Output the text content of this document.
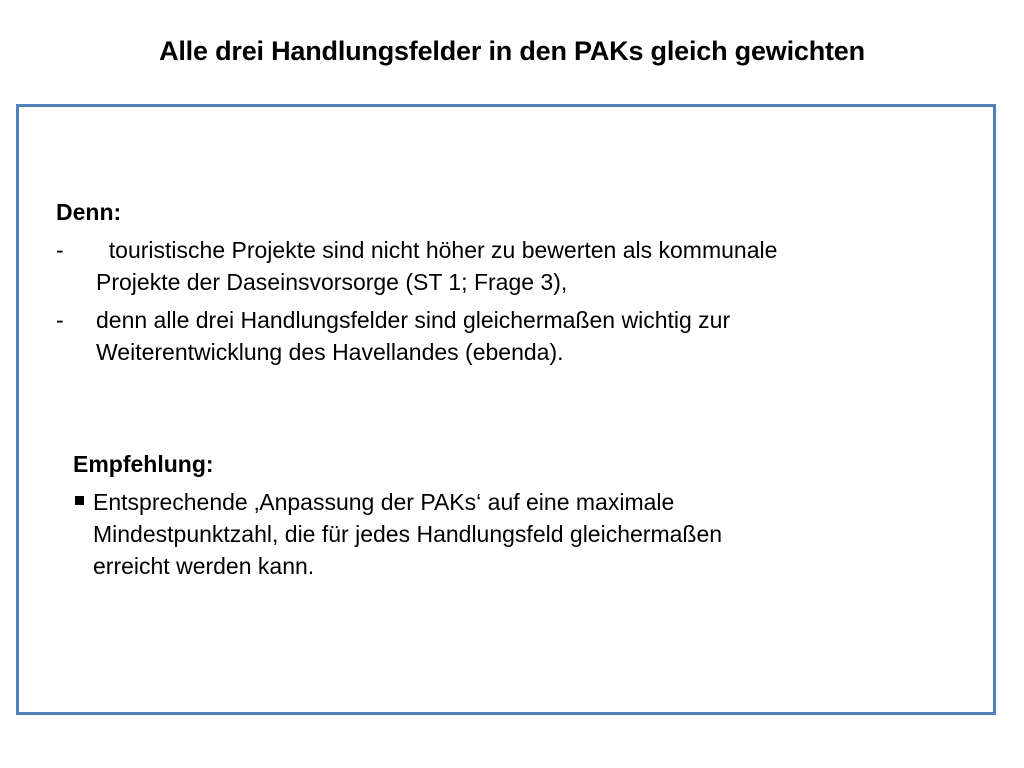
Alle drei Handlungsfelder in den PAKs gleich gewichten
Denn:
- touristische Projekte sind nicht höher zu bewerten als kommunale
Projekte der Daseinsvorsorge (ST 1; Frage 3),
- denn alle drei Handlungsfelder sind gleichermaßen wichtig zur
Weiterentwicklung des Havellandes (ebenda).
Empfehlung:
Entsprechende ‚Anpassung der PAKs‘ auf eine maximale
Mindestpunktzahl, die für jedes Handlungsfeld gleichermaßen
erreicht werden kann.
